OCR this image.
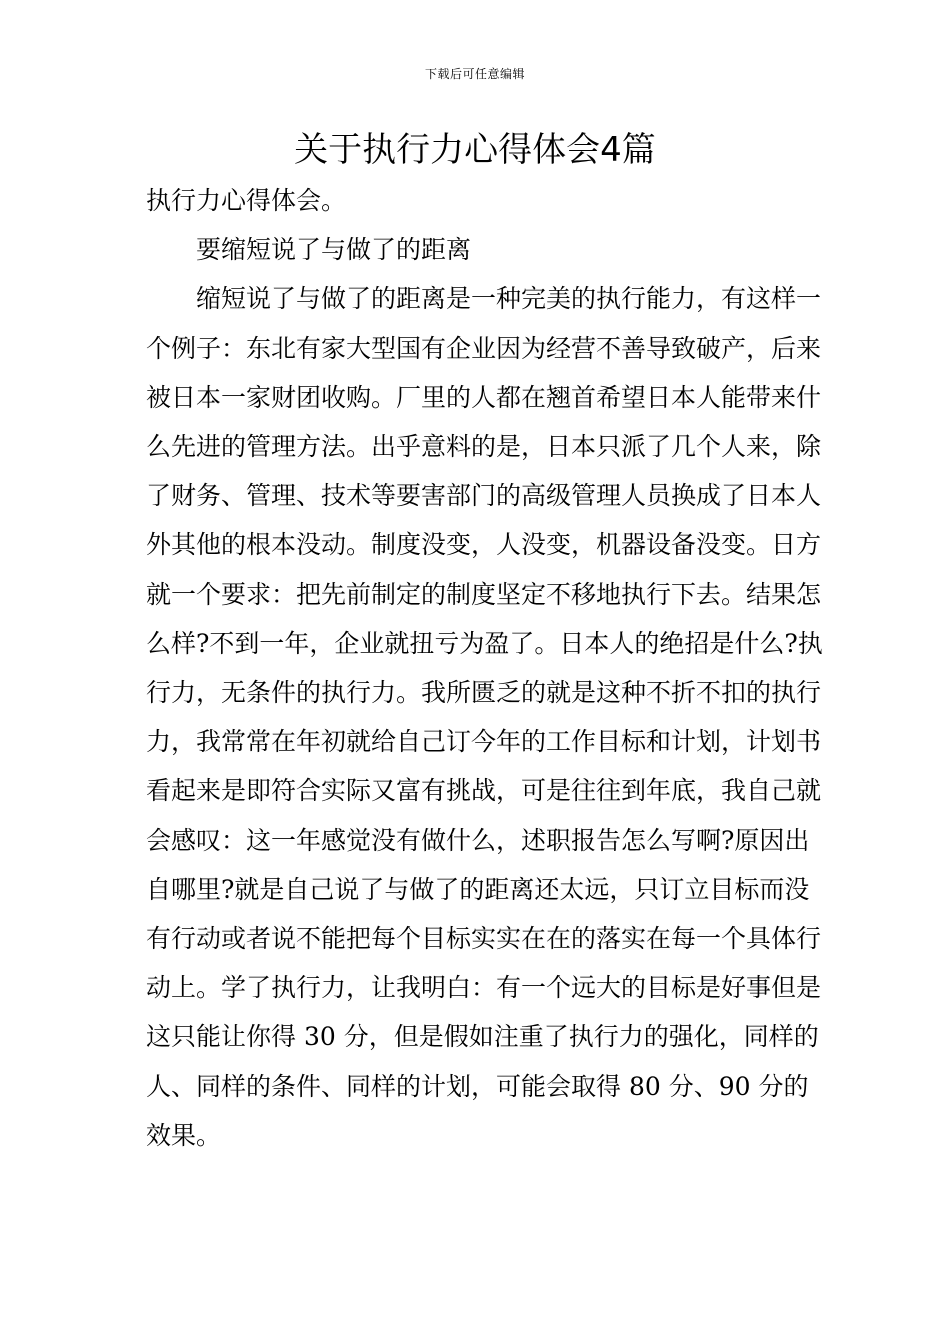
下载后可任意编辑
关于执行力心得体会4篇

执行力心得体会。

要缩短说了与做了的距离

缩短说了与做了的距离是一种完美的执行能力，有这样一个例子：东北有家大型国有企业因为经营不善导致破产，后来被日本一家财团收购。厂里的人都在翘首希望日本人能带来什么先进的管理方法。出乎意料的是，日本只派了几个人来，除了财务、管理、技术等要害部门的高级管理人员换成了日本人外其他的根本没动。制度没变，人没变，机器设备没变。日方就一个要求：把先前制定的制度坚定不移地执行下去。结果怎么样?不到一年，企业就扭亏为盈了。日本人的绝招是什么?执行力，无条件的执行力。我所匮乏的就是这种不折不扣的执行力，我常常在年初就给自己订今年的工作目标和计划，计划书看起来是即符合实际又富有挑战，可是往往到年底，我自己就会感叹：这一年感觉没有做什么，述职报告怎么写啊?原因出自哪里?就是自己说了与做了的距离还太远，只订立目标而没有行动或者说不能把每个目标实实在在的落实在每一个具体行动上。学了执行力，让我明白：有一个远大的目标是好事但是这只能让你得 30 分，但是假如注重了执行力的强化，同样的人、同样的条件、同样的计划，可能会取得 80 分、90 分的效果。
